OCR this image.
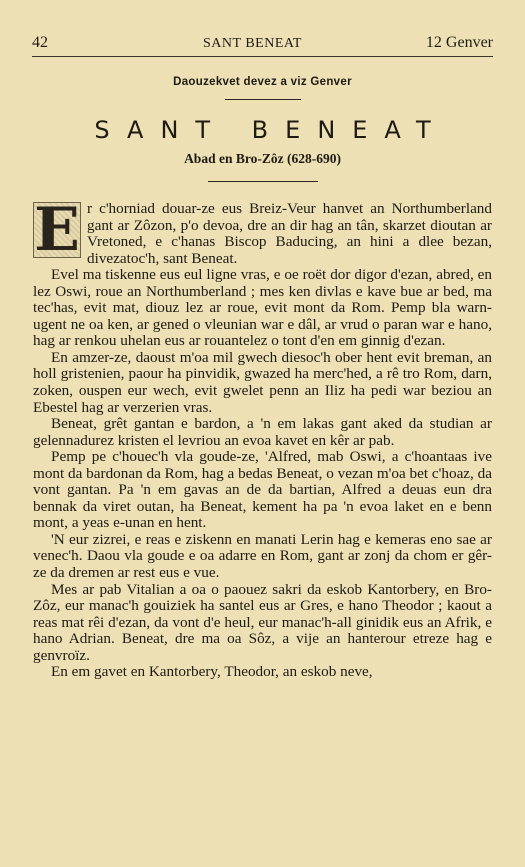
42	SANT BENEAT	12 Genver
Daouzekvet devez a viz Genver
SANT BENEAT
Abad en Bro-Zôz (628-690)

E r c'horniad douar-ze eus Breiz-Veur hanvet an Northumberland gant ar Zôzon, p'o devoa, dre an dir hag an tân, skarzet dioutan ar Vretoned, e c'hanas Biscop Baducing, an hini a dlee bezan, divezatoc'h, sant Beneat.

Evel ma tiskenne eus eul ligne vras, e oe roët dor digor d'ezan, abred, en lez Oswi, roue an Northumberland ; mes ken divlas e kave bue ar bed, ma tec'has, evit mat, diouz lez ar roue, evit mont da Rom. Pemp bla warn-ugent ne oa ken, ar gened o vleunian war e dâl, ar vrud o paran war e hano, hag ar renkou uhelan eus ar rouantelez o tont d'en em ginnig d'ezan.

En amzer-ze, daoust m'oa mil gwech diesoc'h ober hent evit breman, an holl gristenien, paour ha pinvidik, gwazed ha merc'hed, a rê tro Rom, darn, zoken, ouspen eur wech, evit gwelet penn an Iliz ha pedi war beziou an Ebestel hag ar verzerien vras.

Beneat, grêt gantan e bardon, a 'n em lakas gant aked da studian ar gelennadurez kristen el levriou an evoa kavet en kêr ar pab.

Pemp pe c'houec'h vla goude-ze, 'Alfred, mab Oswi, a c'hoantaas ive mont da bardonan da Rom, hag a bedas Beneat, o vezan m'oa bet c'hoaz, da vont gantan. Pa 'n em gavas an de da bartian, Alfred a deuas eun dra bennak da viret outan, ha Beneat, kement ha pa 'n evoa laket en e benn mont, a yeas e-unan en hent.

'N eur zizrei, e reas e ziskenn en manati Lerin hag e kemeras eno sae ar venec'h. Daou vla goude e oa adarre en Rom, gant ar zonj da chom er gêr-ze da dremen ar rest eus e vue.

Mes ar pab Vitalian a oa o paouez sakri da eskob Kantorbery, en Bro-Zôz, eur manac'h gouiziek ha santel eus ar Gres, e hano Theodor ; kaout a reas mat rêi d'ezan, da vont d'e heul, eur manac'h-all ginidik eus an Afrik, e hano Adrian. Beneat, dre ma oa Sôz, a vije an hanterour etreze hag e genvroïz.

En em gavet en Kantorbery, Theodor, an eskob neve,
